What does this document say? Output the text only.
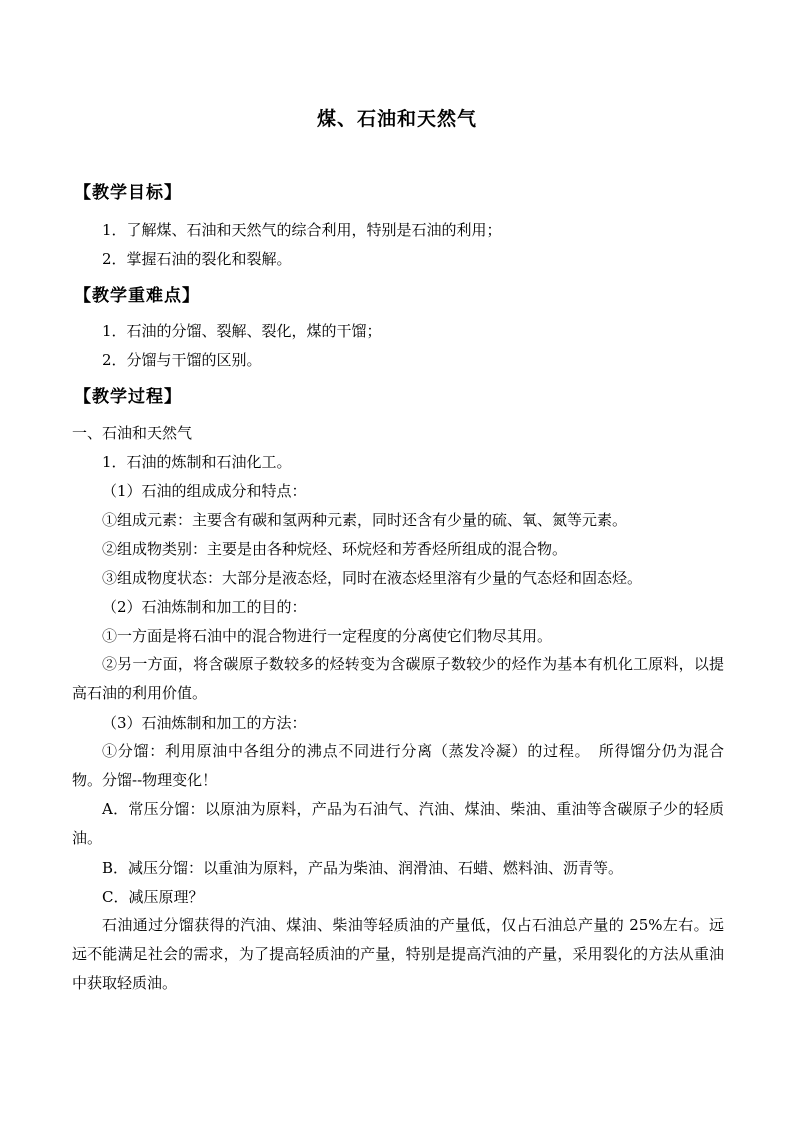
煤、石油和天然气
【教学目标】
1．了解煤、石油和天然气的综合利用，特别是石油的利用；
2．掌握石油的裂化和裂解。
【教学重难点】
1．石油的分馏、裂解、裂化，煤的干馏；
2．分馏与干馏的区别。
【教学过程】
一、石油和天然气
1．石油的炼制和石油化工。
（1）石油的组成成分和特点：
①组成元素：主要含有碳和氢两种元素，同时还含有少量的硫、氧、氮等元素。
②组成物类别：主要是由各种烷烃、环烷烃和芳香烃所组成的混合物。
③组成物度状态：大部分是液态烃，同时在液态烃里溶有少量的气态烃和固态烃。
（2）石油炼制和加工的目的：
①一方面是将石油中的混合物进行一定程度的分离使它们物尽其用。
②另一方面，将含碳原子数较多的烃转变为含碳原子数较少的烃作为基本有机化工原料，以提高石油的利用价值。
（3）石油炼制和加工的方法：
①分馏：利用原油中各组分的沸点不同进行分离（蒸发冷凝）的过程。　所得馏分仍为混合物。分馏--物理变化！
A．常压分馏：以原油为原料，产品为石油气、汽油、煤油、柴油、重油等含碳原子少的轻质油。
B．减压分馏：以重油为原料，产品为柴油、润滑油、石蜡、燃料油、沥青等。
C．减压原理？
石油通过分馏获得的汽油、煤油、柴油等轻质油的产量低，仅占石油总产量的 25%左右。远远不能满足社会的需求，为了提高轻质油的产量，特别是提高汽油的产量，采用裂化的方法从重油中获取轻质油。
